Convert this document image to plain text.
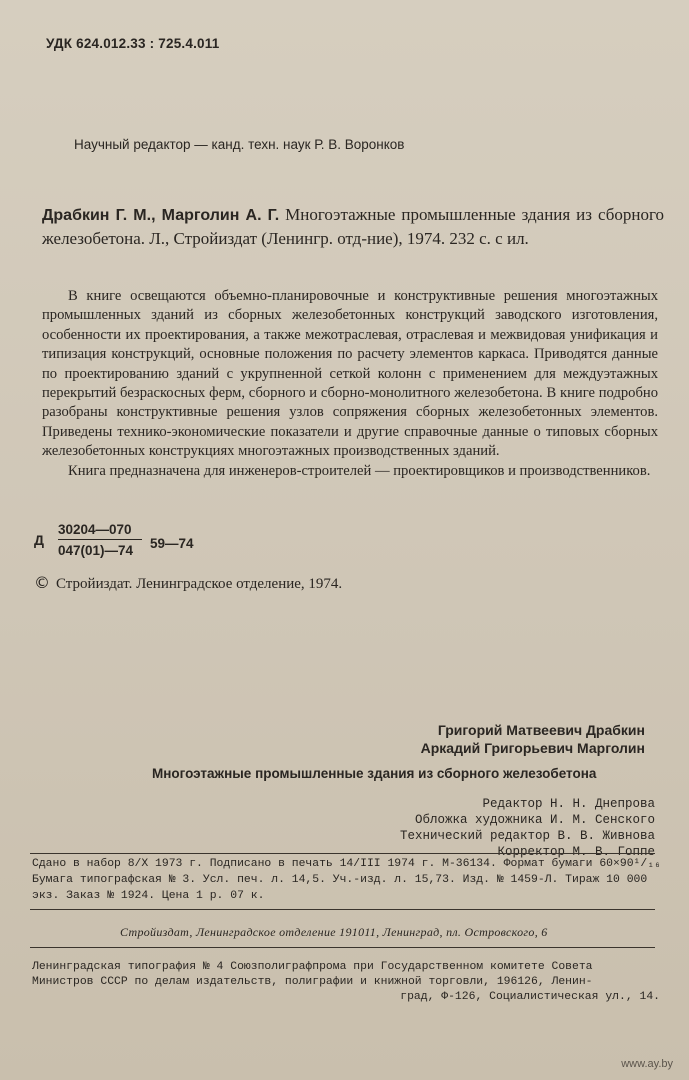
УДК 624.012.33 : 725.4.011
Научный редактор — канд. техн. наук Р. В. Воронков
Драбкин Г. М., Марголин А. Г. Многоэтажные промышленные здания из сборного железобетона. Л., Стройиздат (Ленингр. отд-ние), 1974. 232 с. с ил.

В книге освещаются объемно-планировочные и конструктивные решения многоэтажных промышленных зданий из сборных железобетонных конструкций заводского изготовления, особенности их проектирования, а также межотраслевая, отраслевая и межвидовая унификация и типизация конструкций, основные положения по расчету элементов каркаса. Приводятся данные по проектированию зданий с укрупненной сеткой колонн с применением для междуэтажных перекрытий безраскосных ферм, сборного и сборно-монолитного железобетона. В книге подробно разобраны конструктивные решения узлов сопряжения сборных железобетонных элементов. Приведены технико-экономические показатели и другие справочные данные о типовых сборных железобетонных конструкциях многоэтажных производственных зданий.

Книга предназначена для инженеров-строителей — проектировщиков и производственников.

Д $\frac{30204—070}{047(01)—74}$ 59—74
© Стройиздат. Ленинградское отделение, 1974.
Григорий Матвеевич Драбкин
Аркадий Григорьевич Марголин
Многоэтажные промышленные здания из сборного железобетона
Редактор Н. Н. Днепрова
Обложка художника И. М. Сенского
Технический редактор В. В. Живнова
Корректор М. В. Гоппе
Сдано в набор 8/X 1973 г. Подписано в печать 14/III 1974 г. М-36134. Формат бумаги 60×90¹/₁₆
Бумага типографская № 3. Усл. печ. л. 14,5. Уч.-изд. л. 15,73. Изд. № 1459-Л. Тираж 10 000
экз. Заказ № 1924. Цена 1 р. 07 к.
Стройиздат, Ленинградское отделение 191011, Ленинград, пл. Островского, 6
Ленинградская типография № 4 Союзполиграфпрома при Государственном комитете Совета
Министров СССР по делам издательств, полиграфии и книжной торговли, 196126, Ленин-
град, Ф-126, Социалистическая ул., 14.
www.ay.by
